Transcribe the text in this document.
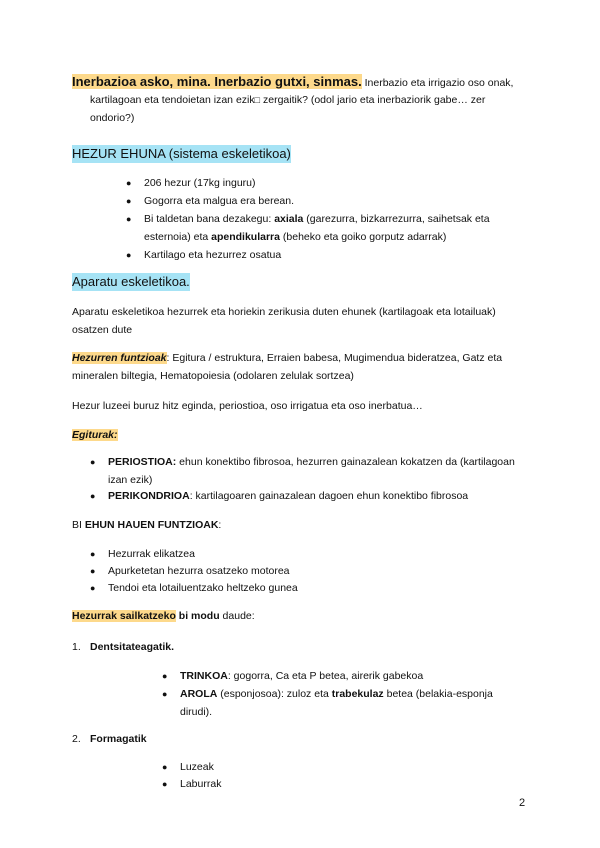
Inerbazioa asko, mina. Inerbazio gutxi, sinmas. Inerbazio eta irrigazio oso onak,
kartilagoan eta tendoietan izan ezik□ zergaitik? (odol jario eta inerbaziorik gabe… zer
ondorio?)
HEZUR EHUNA (sistema eskeletikoa)
● 206 hezur (17kg inguru)
● Gogorra eta malgua era berean.
● Bi taldetan bana dezakegu: axiala (garezurra, bizkarrezurra, saihetsak eta
esternoia) eta apendikularra (beheko eta goiko gorputz adarrak)
● Kartilago eta hezurrez osatua
Aparatu eskeletikoa.
Aparatu eskeletikoa hezurrek eta horiekin zerikusia duten ehunek (kartilagoak eta lotailuak)
osatzen dute
Hezurren funtzioak: Egitura / estruktura, Erraien babesa, Mugimendua bideratzea, Gatz eta
mineralen biltegia, Hematopoiesia (odolaren zelulak sortzea)
Hezur luzeei buruz hitz eginda, periostioa, oso irrigatua eta oso inerbatua…
Egiturak:
● PERIOSTIOA: ehun konektibo fibrosoa, hezurren gainazalean kokatzen da (kartilagoan
izan ezik)
● PERIKONDRIOA: kartilagoaren gainazalean dagoen ehun konektibo fibrosoa
BI EHUN HAUEN FUNTZIOAK:
● Hezurrak elikatzea
● Apurketetan hezurra osatzeko motorea
● Tendoi eta lotailuentzako heltzeko gunea
Hezurrak sailkatzeko bi modu daude:
1. Dentsitateagatik.
● TRINKOA: gogorra, Ca eta P betea, airerik gabekoa
● AROLA (esponjosoa): zuloz eta trabekulaz betea (belakia-esponja
dirudi).
2. Formagatik
● Luzeak
● Laburrak
2
